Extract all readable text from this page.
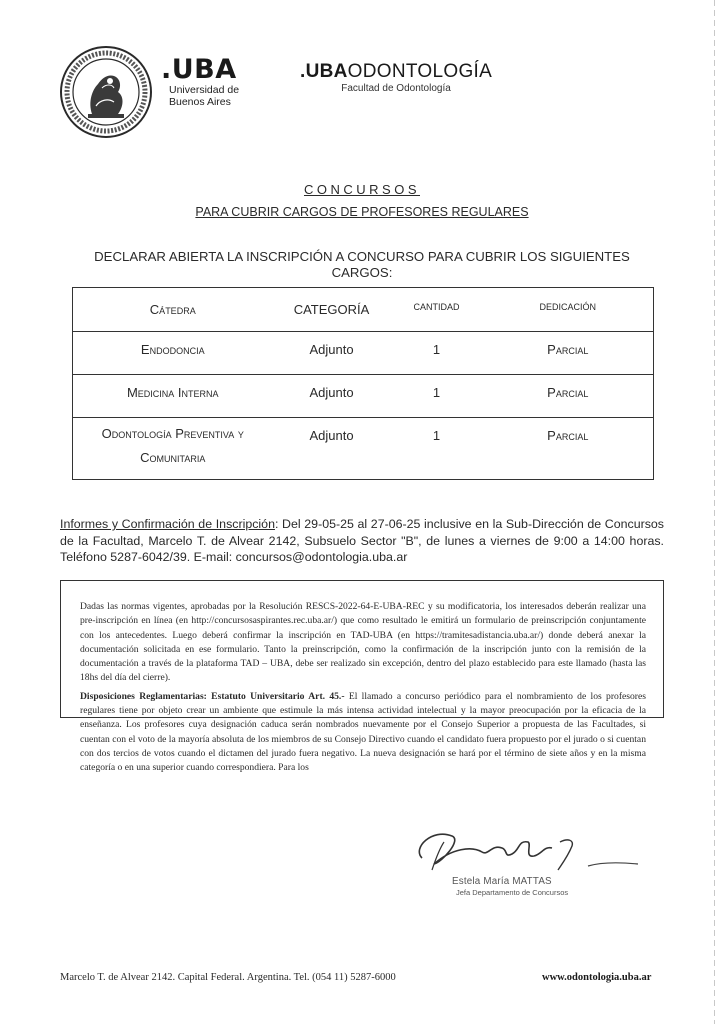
.UBA
Universidad de
Buenos Aires
.UBAODONTOLOGÍA
Facultad de Odontología
CONCURSOS
PARA CUBRIR CARGOS DE PROFESORES REGULARES
DECLARAR ABIERTA LA INSCRIPCIÓN A CONCURSO PARA CUBRIR LOS SIGUIENTES
CARGOS:
Cátedra	CATEGORÍA	CANTIDAD	DEDICACIÓN
Endodoncia	Adjunto	1	Parcial
Medicina Interna	Adjunto	1	Parcial

Odontología Preventiva y
Comunitaria	Adjunto	1	Parcial
Informes y Confirmación de Inscripción: Del 29-05-25 al 27-06-25 inclusive en la Sub-Dirección de Concursos de la Facultad, Marcelo T. de Alvear 2142, Subsuelo Sector "B", de lunes a viernes de 9:00 a 14:00 horas. Teléfono 5287-6042/39. E-mail: concursos@odontologia.uba.ar

Dadas las normas vigentes, aprobadas por la Resolución RESCS-2022-64-E-UBA-REC y su modificatoria, los interesados deberán realizar una pre-inscripción en línea (en http://concursosaspirantes.rec.uba.ar/) que como resultado le emitirá un formulario de preinscripción conjuntamente con los antecedentes. Luego deberá confirmar la inscripción en TAD-UBA (en https://tramitesadistancia.uba.ar/) donde deberá anexar la documentación solicitada en ese formulario. Tanto la preinscripción, como la confirmación de la inscripción junto con la remisión de la documentación a través de la plataforma TAD – UBA, debe ser realizado sin excepción, dentro del plazo establecido para este llamado (hasta las 18hs del día del cierre).

Disposiciones Reglamentarias: Estatuto Universitario Art. 45.- El llamado a concurso periódico para el nombramiento de los profesores regulares tiene por objeto crear un ambiente que estimule la más intensa actividad intelectual y la mayor preocupación por la eficacia de la enseñanza. Los profesores cuya designación caduca serán nombrados nuevamente por el Consejo Superior a propuesta de las Facultades, si cuentan con el voto de la mayoría absoluta de los miembros de su Consejo Directivo cuando el candidato fuera propuesto por el jurado o si cuentan con dos tercios de votos cuando el dictamen del jurado fuera negativo. La nueva designación se hará por el término de siete años y en la misma categoría o en una superior cuando correspondiera. Para los

Estela María MATTAS
Jefa Departamento de Concursos
Marcelo T. de Alvear 2142. Capital Federal. Argentina. Tel. (054 11) 5287-6000	www.odontologia.uba.ar
